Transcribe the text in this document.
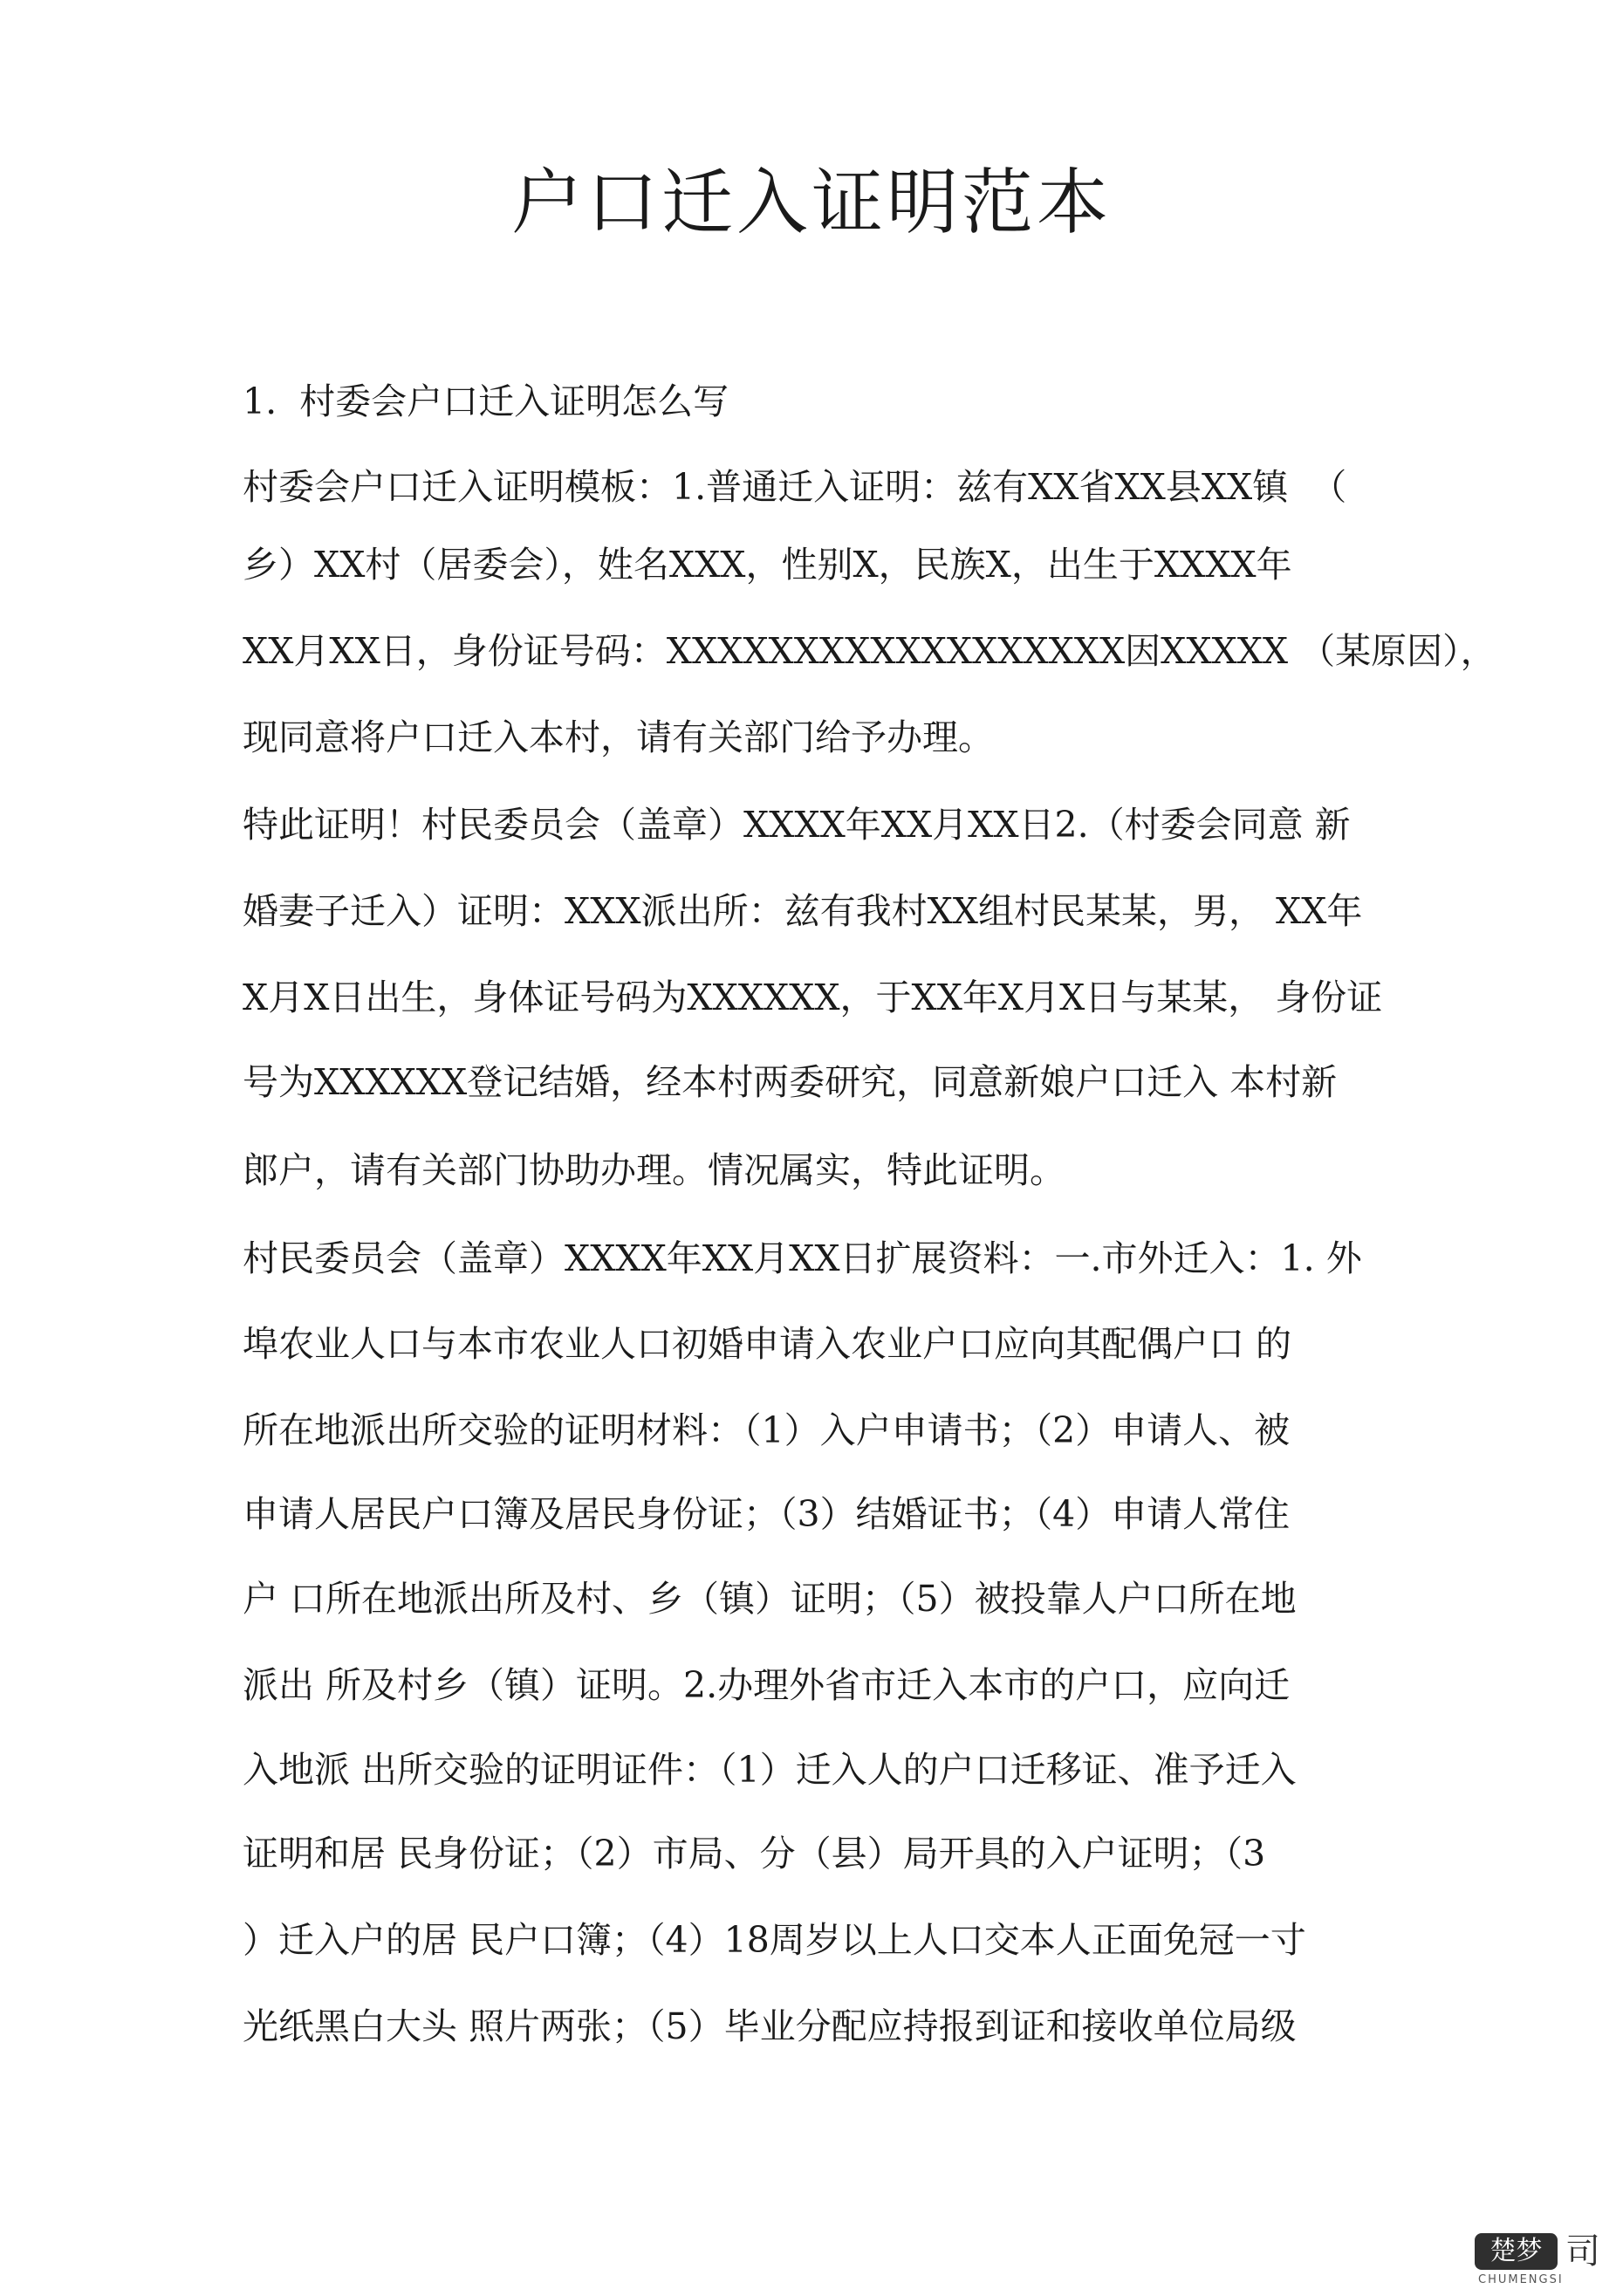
户口迁入证明范本

1.  村委会户口迁入证明怎么写

村委会户口迁入证明模板：1.普通迁入证明：兹有XX省XX县XX镇  （

乡）XX村（居委会），姓名XXX，性别X，民族X，出生于XXXX年

XX月XX日，身份证号码：XXXXXXXXXXXXXXXXXX因XXXXX （某原因），

现同意将户口迁入本村，请有关部门给予办理。

特此证明！村民委员会（盖章）XXXX年XX月XX日2.（村委会同意 新

婚妻子迁入）证明：XXX派出所：兹有我村XX组村民某某，男， XX年

X月X日出生，身体证号码为XXXXXX，于XX年X月X日与某某， 身份证

号为XXXXXX登记结婚，经本村两委研究，同意新娘户口迁入 本村新

郎户，请有关部门协助办理。情况属实，特此证明。

村民委员会（盖章）XXXX年XX月XX日扩展资料：一.市外迁入：1. 外

埠农业人口与本市农业人口初婚申请入农业户口应向其配偶户口 的

所在地派出所交验的证明材料：（1）入户申请书；（2）申请人、被

申请人居民户口簿及居民身份证；（3）结婚证书；（4）申请人常住

户 口所在地派出所及村、乡（镇）证明；（5）被投靠人户口所在地

派出 所及村乡（镇）证明。2.办理外省市迁入本市的户口，应向迁

入地派 出所交验的证明证件：（1）迁入人的户口迁移证、准予迁入

证明和居 民身份证；（2）市局、分（县）局开具的入户证明；（3

）迁入户的居 民户口簿；（4）18周岁以上人口交本人正面免冠一寸

光纸黑白大头 照片两张；（5）毕业分配应持报到证和接收单位局级

楚梦 司
CHUMENGSI
